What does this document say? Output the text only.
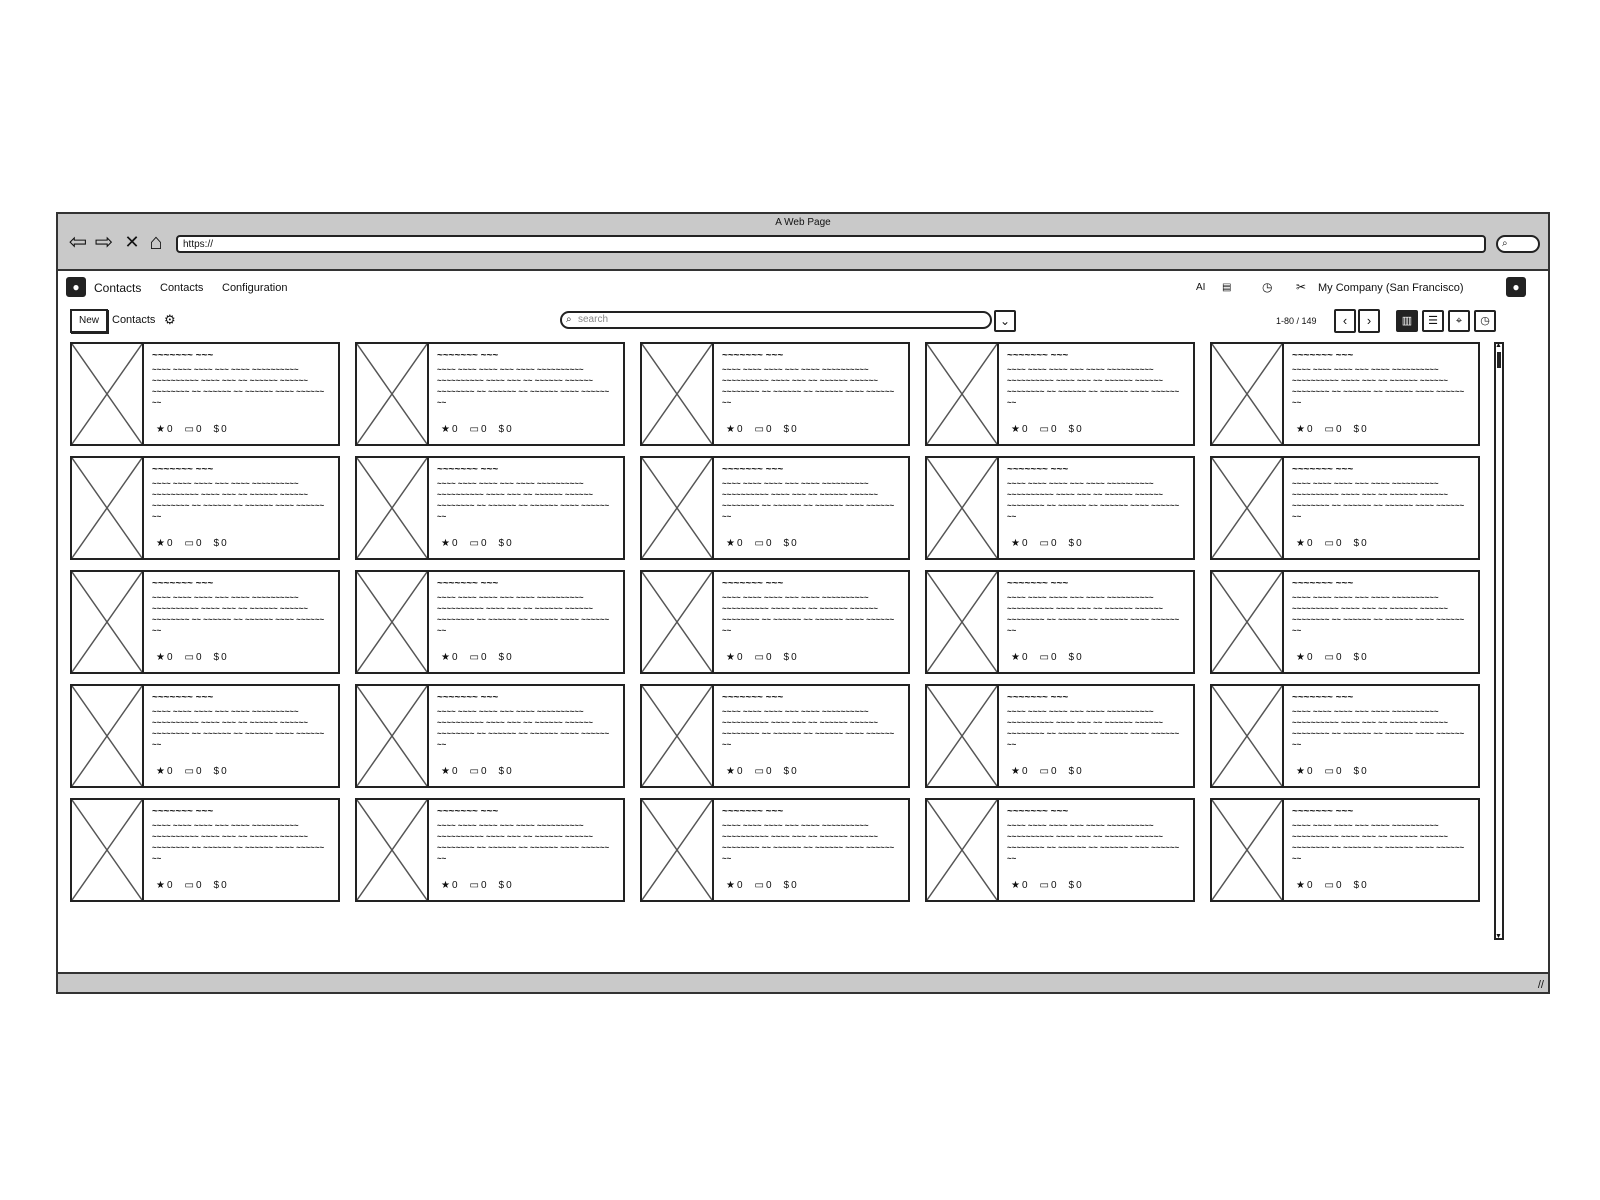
A Web Page
⇦ ⇨ ✕ ⌂	https://	⌕
●	Contacts Contacts Configuration	AI ▤	◷ ✂ My Company (San Francisco)	●
New	Contacts ⚙	⌕ search	⌄	1-80 / 149	‹	›	▥	☰	⌖	◷
~~~~~~~ ~~~
~~~~ ~~~~ ~~~~ ~~~ ~~~~ ~~~~~~~~~~ ~~~~~~~~~~ ~~~~ ~~~ ~~ ~~~~~~ ~~~~~~ ~~~~~~~~ ~~ ~~~~~~ ~~ ~~~~~~ ~~~~ ~~~~~~ ~~
★ 0 ▭ 0 $ 0
~~~~~~~ ~~~
~~~~ ~~~~ ~~~~ ~~~ ~~~~ ~~~~~~~~~~ ~~~~~~~~~~ ~~~~ ~~~ ~~ ~~~~~~ ~~~~~~ ~~~~~~~~ ~~ ~~~~~~ ~~ ~~~~~~ ~~~~ ~~~~~~ ~~
★ 0 ▭ 0 $ 0
~~~~~~~ ~~~
~~~~ ~~~~ ~~~~ ~~~ ~~~~ ~~~~~~~~~~ ~~~~~~~~~~ ~~~~ ~~~ ~~ ~~~~~~ ~~~~~~ ~~~~~~~~ ~~ ~~~~~~ ~~ ~~~~~~ ~~~~ ~~~~~~ ~~
★ 0 ▭ 0 $ 0
~~~~~~~ ~~~
~~~~ ~~~~ ~~~~ ~~~ ~~~~ ~~~~~~~~~~ ~~~~~~~~~~ ~~~~ ~~~ ~~ ~~~~~~ ~~~~~~ ~~~~~~~~ ~~ ~~~~~~ ~~ ~~~~~~ ~~~~ ~~~~~~ ~~
★ 0 ▭ 0 $ 0
~~~~~~~ ~~~
~~~~ ~~~~ ~~~~ ~~~ ~~~~ ~~~~~~~~~~ ~~~~~~~~~~ ~~~~ ~~~ ~~ ~~~~~~ ~~~~~~ ~~~~~~~~ ~~ ~~~~~~ ~~ ~~~~~~ ~~~~ ~~~~~~ ~~
★ 0 ▭ 0 $ 0
~~~~~~~ ~~~
~~~~ ~~~~ ~~~~ ~~~ ~~~~ ~~~~~~~~~~ ~~~~~~~~~~ ~~~~ ~~~ ~~ ~~~~~~ ~~~~~~ ~~~~~~~~ ~~ ~~~~~~ ~~ ~~~~~~ ~~~~ ~~~~~~ ~~
★ 0 ▭ 0 $ 0
~~~~~~~ ~~~
~~~~ ~~~~ ~~~~ ~~~ ~~~~ ~~~~~~~~~~ ~~~~~~~~~~ ~~~~ ~~~ ~~ ~~~~~~ ~~~~~~ ~~~~~~~~ ~~ ~~~~~~ ~~ ~~~~~~ ~~~~ ~~~~~~ ~~
★ 0 ▭ 0 $ 0
~~~~~~~ ~~~
~~~~ ~~~~ ~~~~ ~~~ ~~~~ ~~~~~~~~~~ ~~~~~~~~~~ ~~~~ ~~~ ~~ ~~~~~~ ~~~~~~ ~~~~~~~~ ~~ ~~~~~~ ~~ ~~~~~~ ~~~~ ~~~~~~ ~~
★ 0 ▭ 0 $ 0
~~~~~~~ ~~~
~~~~ ~~~~ ~~~~ ~~~ ~~~~ ~~~~~~~~~~ ~~~~~~~~~~ ~~~~ ~~~ ~~ ~~~~~~ ~~~~~~ ~~~~~~~~ ~~ ~~~~~~ ~~ ~~~~~~ ~~~~ ~~~~~~ ~~
★ 0 ▭ 0 $ 0
~~~~~~~ ~~~
~~~~ ~~~~ ~~~~ ~~~ ~~~~ ~~~~~~~~~~ ~~~~~~~~~~ ~~~~ ~~~ ~~ ~~~~~~ ~~~~~~ ~~~~~~~~ ~~ ~~~~~~ ~~ ~~~~~~ ~~~~ ~~~~~~ ~~
★ 0 ▭ 0 $ 0
~~~~~~~ ~~~
~~~~ ~~~~ ~~~~ ~~~ ~~~~ ~~~~~~~~~~ ~~~~~~~~~~ ~~~~ ~~~ ~~ ~~~~~~ ~~~~~~ ~~~~~~~~ ~~ ~~~~~~ ~~ ~~~~~~ ~~~~ ~~~~~~ ~~
★ 0 ▭ 0 $ 0
~~~~~~~ ~~~
~~~~ ~~~~ ~~~~ ~~~ ~~~~ ~~~~~~~~~~ ~~~~~~~~~~ ~~~~ ~~~ ~~ ~~~~~~ ~~~~~~ ~~~~~~~~ ~~ ~~~~~~ ~~ ~~~~~~ ~~~~ ~~~~~~ ~~
★ 0 ▭ 0 $ 0
~~~~~~~ ~~~
~~~~ ~~~~ ~~~~ ~~~ ~~~~ ~~~~~~~~~~ ~~~~~~~~~~ ~~~~ ~~~ ~~ ~~~~~~ ~~~~~~ ~~~~~~~~ ~~ ~~~~~~ ~~ ~~~~~~ ~~~~ ~~~~~~ ~~
★ 0 ▭ 0 $ 0
~~~~~~~ ~~~
~~~~ ~~~~ ~~~~ ~~~ ~~~~ ~~~~~~~~~~ ~~~~~~~~~~ ~~~~ ~~~ ~~ ~~~~~~ ~~~~~~ ~~~~~~~~ ~~ ~~~~~~ ~~ ~~~~~~ ~~~~ ~~~~~~ ~~
★ 0 ▭ 0 $ 0
~~~~~~~ ~~~
~~~~ ~~~~ ~~~~ ~~~ ~~~~ ~~~~~~~~~~ ~~~~~~~~~~ ~~~~ ~~~ ~~ ~~~~~~ ~~~~~~ ~~~~~~~~ ~~ ~~~~~~ ~~ ~~~~~~ ~~~~ ~~~~~~ ~~
★ 0 ▭ 0 $ 0
~~~~~~~ ~~~
~~~~ ~~~~ ~~~~ ~~~ ~~~~ ~~~~~~~~~~ ~~~~~~~~~~ ~~~~ ~~~ ~~ ~~~~~~ ~~~~~~ ~~~~~~~~ ~~ ~~~~~~ ~~ ~~~~~~ ~~~~ ~~~~~~ ~~
★ 0 ▭ 0 $ 0
~~~~~~~ ~~~
~~~~ ~~~~ ~~~~ ~~~ ~~~~ ~~~~~~~~~~ ~~~~~~~~~~ ~~~~ ~~~ ~~ ~~~~~~ ~~~~~~ ~~~~~~~~ ~~ ~~~~~~ ~~ ~~~~~~ ~~~~ ~~~~~~ ~~
★ 0 ▭ 0 $ 0
~~~~~~~ ~~~
~~~~ ~~~~ ~~~~ ~~~ ~~~~ ~~~~~~~~~~ ~~~~~~~~~~ ~~~~ ~~~ ~~ ~~~~~~ ~~~~~~ ~~~~~~~~ ~~ ~~~~~~ ~~ ~~~~~~ ~~~~ ~~~~~~ ~~
★ 0 ▭ 0 $ 0
~~~~~~~ ~~~
~~~~ ~~~~ ~~~~ ~~~ ~~~~ ~~~~~~~~~~ ~~~~~~~~~~ ~~~~ ~~~ ~~ ~~~~~~ ~~~~~~ ~~~~~~~~ ~~ ~~~~~~ ~~ ~~~~~~ ~~~~ ~~~~~~ ~~
★ 0 ▭ 0 $ 0
~~~~~~~ ~~~
~~~~ ~~~~ ~~~~ ~~~ ~~~~ ~~~~~~~~~~ ~~~~~~~~~~ ~~~~ ~~~ ~~ ~~~~~~ ~~~~~~ ~~~~~~~~ ~~ ~~~~~~ ~~ ~~~~~~ ~~~~ ~~~~~~ ~~
★ 0 ▭ 0 $ 0
~~~~~~~ ~~~
~~~~ ~~~~ ~~~~ ~~~ ~~~~ ~~~~~~~~~~ ~~~~~~~~~~ ~~~~ ~~~ ~~ ~~~~~~ ~~~~~~ ~~~~~~~~ ~~ ~~~~~~ ~~ ~~~~~~ ~~~~ ~~~~~~ ~~
★ 0 ▭ 0 $ 0
~~~~~~~ ~~~
~~~~ ~~~~ ~~~~ ~~~ ~~~~ ~~~~~~~~~~ ~~~~~~~~~~ ~~~~ ~~~ ~~ ~~~~~~ ~~~~~~ ~~~~~~~~ ~~ ~~~~~~ ~~ ~~~~~~ ~~~~ ~~~~~~ ~~
★ 0 ▭ 0 $ 0
~~~~~~~ ~~~
~~~~ ~~~~ ~~~~ ~~~ ~~~~ ~~~~~~~~~~ ~~~~~~~~~~ ~~~~ ~~~ ~~ ~~~~~~ ~~~~~~ ~~~~~~~~ ~~ ~~~~~~ ~~ ~~~~~~ ~~~~ ~~~~~~ ~~
★ 0 ▭ 0 $ 0
~~~~~~~ ~~~
~~~~ ~~~~ ~~~~ ~~~ ~~~~ ~~~~~~~~~~ ~~~~~~~~~~ ~~~~ ~~~ ~~ ~~~~~~ ~~~~~~ ~~~~~~~~ ~~ ~~~~~~ ~~ ~~~~~~ ~~~~ ~~~~~~ ~~
★ 0 ▭ 0 $ 0
~~~~~~~ ~~~
~~~~ ~~~~ ~~~~ ~~~ ~~~~ ~~~~~~~~~~ ~~~~~~~~~~ ~~~~ ~~~ ~~ ~~~~~~ ~~~~~~ ~~~~~~~~ ~~ ~~~~~~ ~~ ~~~~~~ ~~~~ ~~~~~~ ~~
★ 0 ▭ 0 $ 0
▲
▼
//
